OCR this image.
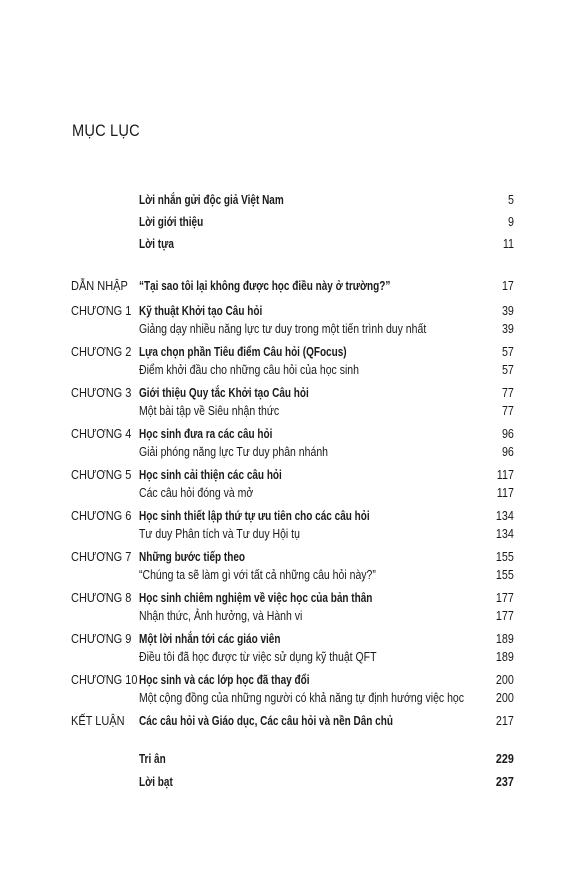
MỤC LỤC
Lời nhắn gửi độc giả Việt Nam	5
Lời giới thiệu	9
Lời tựa	11
DẪN NHẬP “Tại sao tôi lại không được học điều này ở trường?”	17
CHƯƠNG 1 Kỹ thuật Khởi tạo Câu hỏi	39
Giảng dạy nhiều năng lực tư duy trong một tiến trình duy nhất	39
CHƯƠNG 2 Lựa chọn phần Tiêu điểm Câu hỏi (QFocus)	57
Điểm khởi đầu cho những câu hỏi của học sinh	57
CHƯƠNG 3 Giới thiệu Quy tắc Khởi tạo Câu hỏi	77
Một bài tập về Siêu nhận thức	77
CHƯƠNG 4 Học sinh đưa ra các câu hỏi	96
Giải phóng năng lực Tư duy phân nhánh	96
CHƯƠNG 5 Học sinh cải thiện các câu hỏi	117
Các câu hỏi đóng và mở	117
CHƯƠNG 6 Học sinh thiết lập thứ tự ưu tiên cho các câu hỏi	134
Tư duy Phân tích và Tư duy Hội tụ	134
CHƯƠNG 7 Những bước tiếp theo	155
“Chúng ta sẽ làm gì với tất cả những câu hỏi này?”	155
CHƯƠNG 8 Học sinh chiêm nghiệm về việc học của bản thân	177
Nhận thức, Ảnh hưởng, và Hành vi	177
CHƯƠNG 9 Một lời nhắn tới các giáo viên	189
Điều tôi đã học được từ việc sử dụng kỹ thuật QFT	189
CHƯƠNG 10 Học sinh và các lớp học đã thay đổi	200
Một cộng đồng của những người có khả năng tự định hướng việc học	200
KẾT LUẬN Các câu hỏi và Giáo dục, Các câu hỏi và nền Dân chủ	217
Tri ân	229
Lời bạt	237
